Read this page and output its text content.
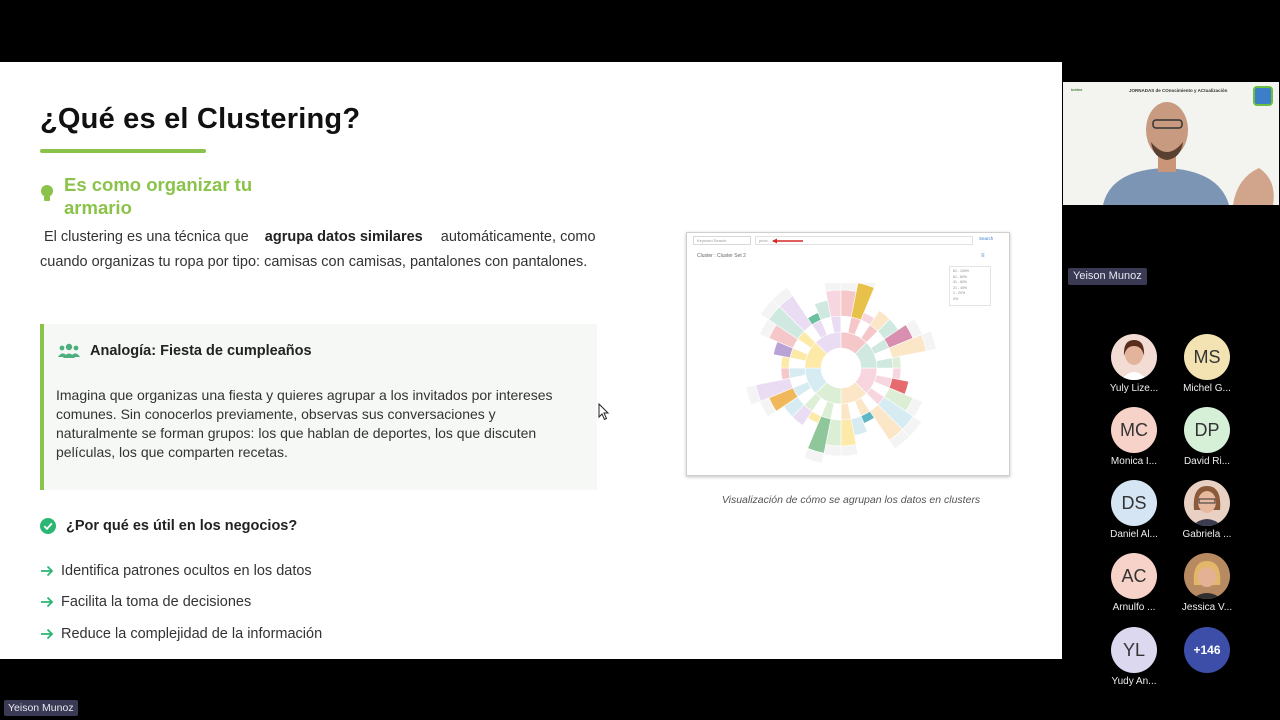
¿Qué es el Clustering?
Es como organizar tu armario
El clustering es una técnica que agrupa datos similares automáticamente, como cuando organizas tu ropa por tipo: camisas con camisas, pantalones con pantalones.
Analogía: Fiesta de cumpleaños
Imagina que organizas una fiesta y quieres agrupar a los invitados por intereses comunes. Sin conocerlos previamente, observas sus conversaciones y naturalmente se forman grupos: los que hablan de deportes, los que discuten películas, los que comparten recetas.
¿Por qué es útil en los negocios?
Identifica patrones ocultos en los datos
Facilita la toma de decisiones
Reduce la complejidad de la información
Keyword Search	price	Search
Cluster : Cluster Set 2	≡
81 - 100%
61 - 80%
41 - 60%
21 - 40%
1 - 20%
0%
Visualización de cómo se agrupan los datos en clusters
icetex	JORNADAS de COnocimiento y ACtualización
Yeison Munoz
Yuly Lize...
MS
Michel G...
MC
Monica I...
DP
David Ri...
DS
Daniel Al...	Gabriela ...
AC
Arnulfo ...	Jessica V...
YL
Yudy An...
+146
Yeison Munoz
